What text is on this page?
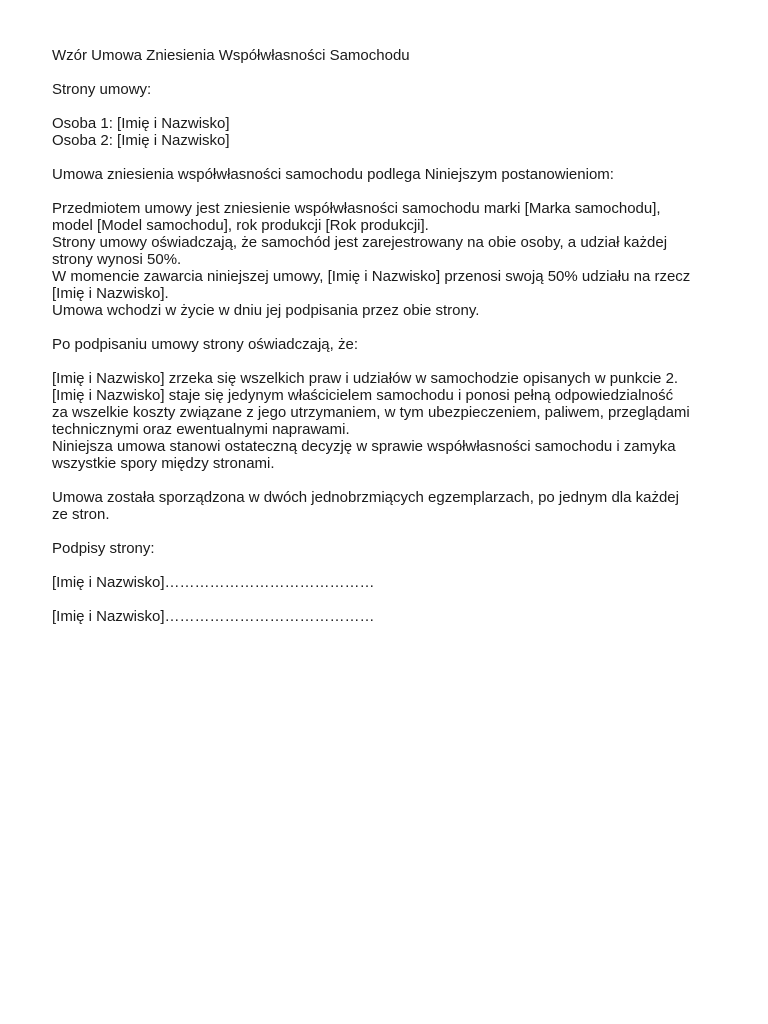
Wzór Umowa Zniesienia Współwłasności Samochodu
Strony umowy:
Osoba 1: [Imię i Nazwisko]
Osoba 2: [Imię i Nazwisko]
Umowa zniesienia współwłasności samochodu podlega Niniejszym postanowieniom:
Przedmiotem umowy jest zniesienie współwłasności samochodu marki [Marka samochodu],
model [Model samochodu], rok produkcji [Rok produkcji].
Strony umowy oświadczają, że samochód jest zarejestrowany na obie osoby, a udział każdej
strony wynosi 50%.
W momencie zawarcia niniejszej umowy, [Imię i Nazwisko] przenosi swoją 50% udziału na rzecz
[Imię i Nazwisko].
Umowa wchodzi w życie w dniu jej podpisania przez obie strony.
Po podpisaniu umowy strony oświadczają, że:
[Imię i Nazwisko] zrzeka się wszelkich praw i udziałów w samochodzie opisanych w punkcie 2.
[Imię i Nazwisko] staje się jedynym właścicielem samochodu i ponosi pełną odpowiedzialność
za wszelkie koszty związane z jego utrzymaniem, w tym ubezpieczeniem, paliwem, przeglądami
technicznymi oraz ewentualnymi naprawami.
Niniejsza umowa stanowi ostateczną decyzję w sprawie współwłasności samochodu i zamyka
wszystkie spory między stronami.
Umowa została sporządzona w dwóch jednobrzmiących egzemplarzach, po jednym dla każdej
ze stron.
Podpisy strony:
[Imię i Nazwisko]……………………………………
[Imię i Nazwisko]……………………………………
